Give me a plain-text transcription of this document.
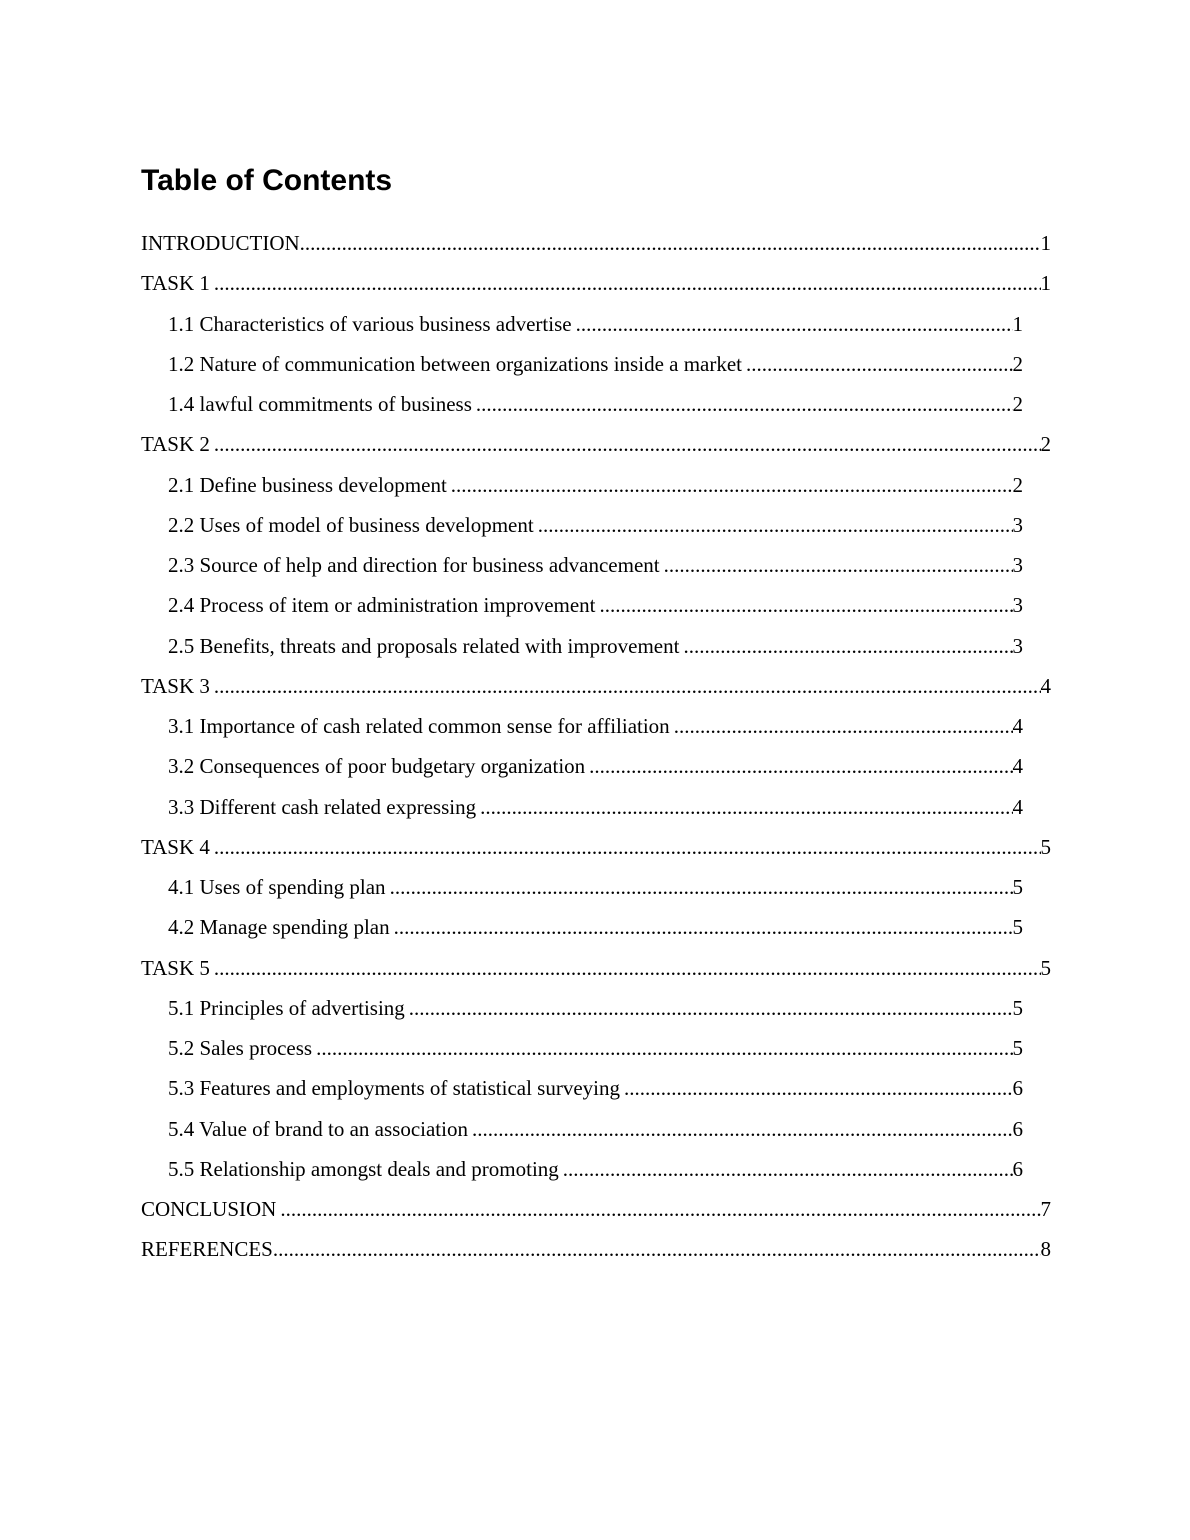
Table of Contents
INTRODUCTION .....	1
TASK 1 .....	1
1.1 Characteristics of various business advertise .....	1
1.2 Nature of communication between organizations inside a market .....	2
1.4 lawful commitments of business .....	2
TASK 2 .....	2
2.1 Define business development .....	2
2.2 Uses of model of business development .....	3
2.3 Source of help and direction for business advancement .....	3
2.4 Process of item or administration improvement .....	3
2.5 Benefits, threats and proposals related with improvement .....	3
TASK 3 .....	4
3.1 Importance of cash related common sense for affiliation .....	4
3.2 Consequences of poor budgetary organization .....	4
3.3 Different cash related expressing .....	4
TASK 4 .....	5
4.1 Uses of spending plan .....	5
4.2 Manage spending plan .....	5
TASK 5 .....	5
5.1 Principles of advertising .....	5
5.2 Sales process .....	5
5.3 Features and employments of statistical surveying .....	6
5.4 Value of brand to an association .....	6
5.5 Relationship amongst deals and promoting .....	6
CONCLUSION .....	7
REFERENCES .....	8
